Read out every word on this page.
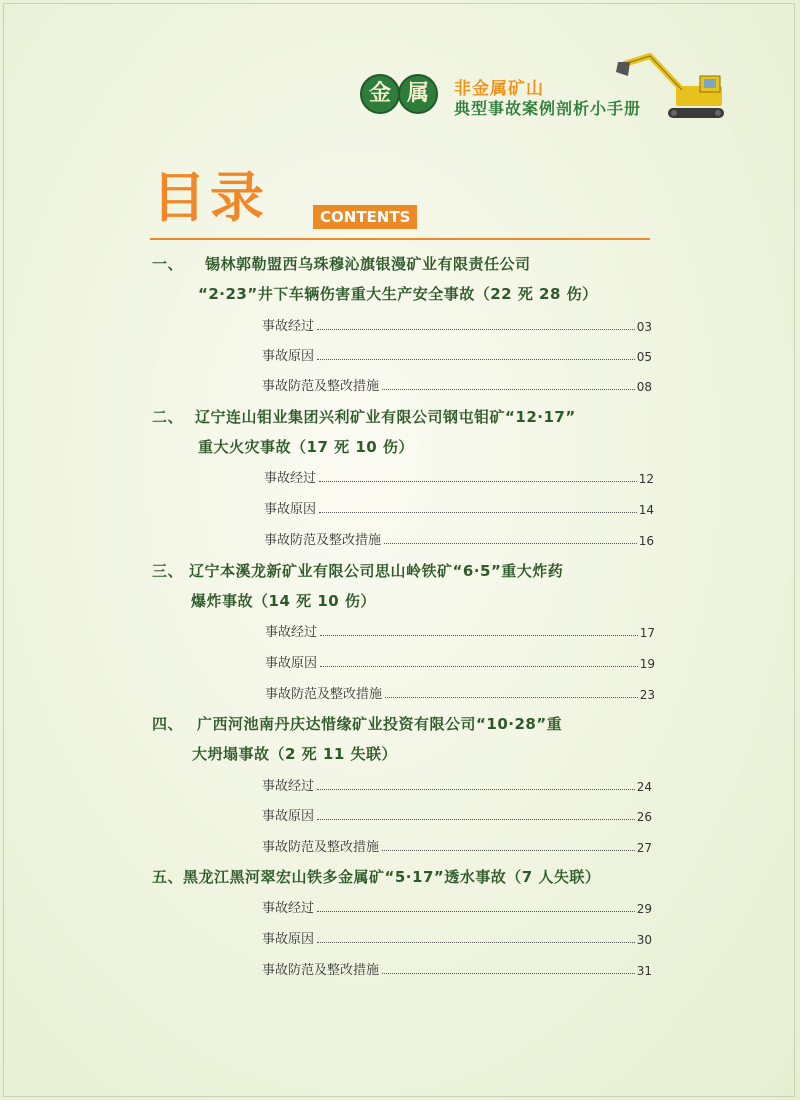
金 属	非金属矿山
典型事故案例剖析小手册
目录	CONTENTS
一、 锡林郭勒盟西乌珠穆沁旗银漫矿业有限责任公司
“2·23”井下车辆伤害重大生产安全事故（22 死 28 伤）
事故经过	03
事故原因	05
事故防范及整改措施	08
二、 辽宁连山钼业集团兴利矿业有限公司钢屯钼矿“12·17”
重大火灾事故（17 死 10 伤）
事故经过	12
事故原因	14
事故防范及整改措施	16
三、 辽宁本溪龙新矿业有限公司思山岭铁矿“6·5”重大炸药
爆炸事故（14 死 10 伤）
事故经过	17
事故原因	19
事故防范及整改措施	23
四、 广西河池南丹庆达惜缘矿业投资有限公司“10·28”重
大坍塌事故（2 死 11 失联）
事故经过	24
事故原因	26
事故防范及整改措施	27
五、黑龙江黑河翠宏山铁多金属矿“5·17”透水事故（7 人失联）
事故经过	29
事故原因	30
事故防范及整改措施	31
